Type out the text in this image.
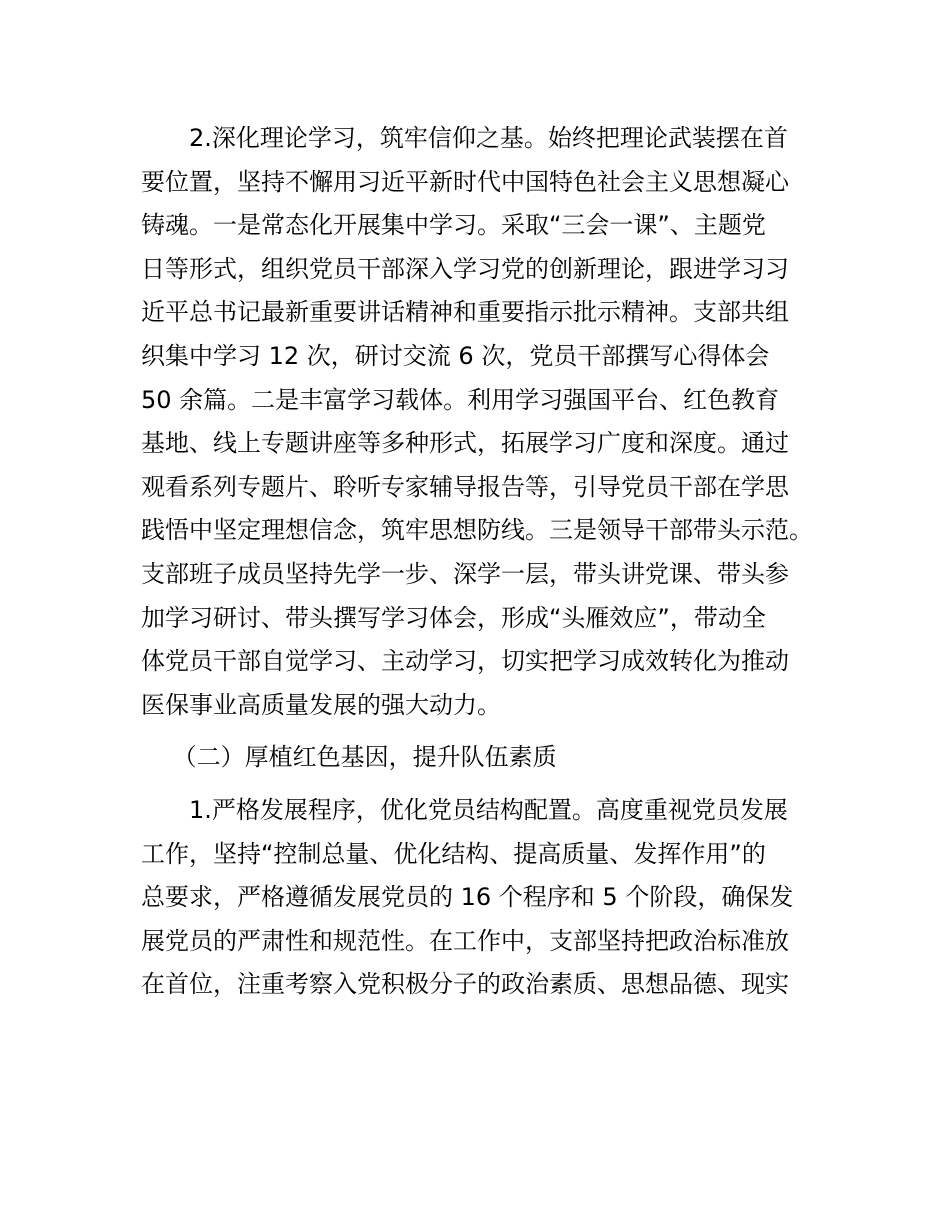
　　2.深化理论学习，筑牢信仰之基。始终把理论武装摆在首
要位置，坚持不懈用习近平新时代中国特色社会主义思想凝心
铸魂。一是常态化开展集中学习。采取“三会一课”、主题党
日等形式，组织党员干部深入学习党的创新理论，跟进学习习
近平总书记最新重要讲话精神和重要指示批示精神。支部共组
织集中学习 12 次，研讨交流 6 次，党员干部撰写心得体会
50 余篇。二是丰富学习载体。利用学习强国平台、红色教育
基地、线上专题讲座等多种形式，拓展学习广度和深度。通过
观看系列专题片、聆听专家辅导报告等，引导党员干部在学思
践悟中坚定理想信念，筑牢思想防线。三是领导干部带头示范。
支部班子成员坚持先学一步、深学一层，带头讲党课、带头参
加学习研讨、带头撰写学习体会，形成“头雁效应”，带动全
体党员干部自觉学习、主动学习，切实把学习成效转化为推动
医保事业高质量发展的强大动力。
　 （二）厚植红色基因，提升队伍素质
　　1.严格发展程序，优化党员结构配置。高度重视党员发展
工作，坚持“控制总量、优化结构、提高质量、发挥作用”的
总要求，严格遵循发展党员的 16 个程序和 5 个阶段，确保发
展党员的严肃性和规范性。在工作中，支部坚持把政治标准放
在首位，注重考察入党积极分子的政治素质、思想品德、现实
